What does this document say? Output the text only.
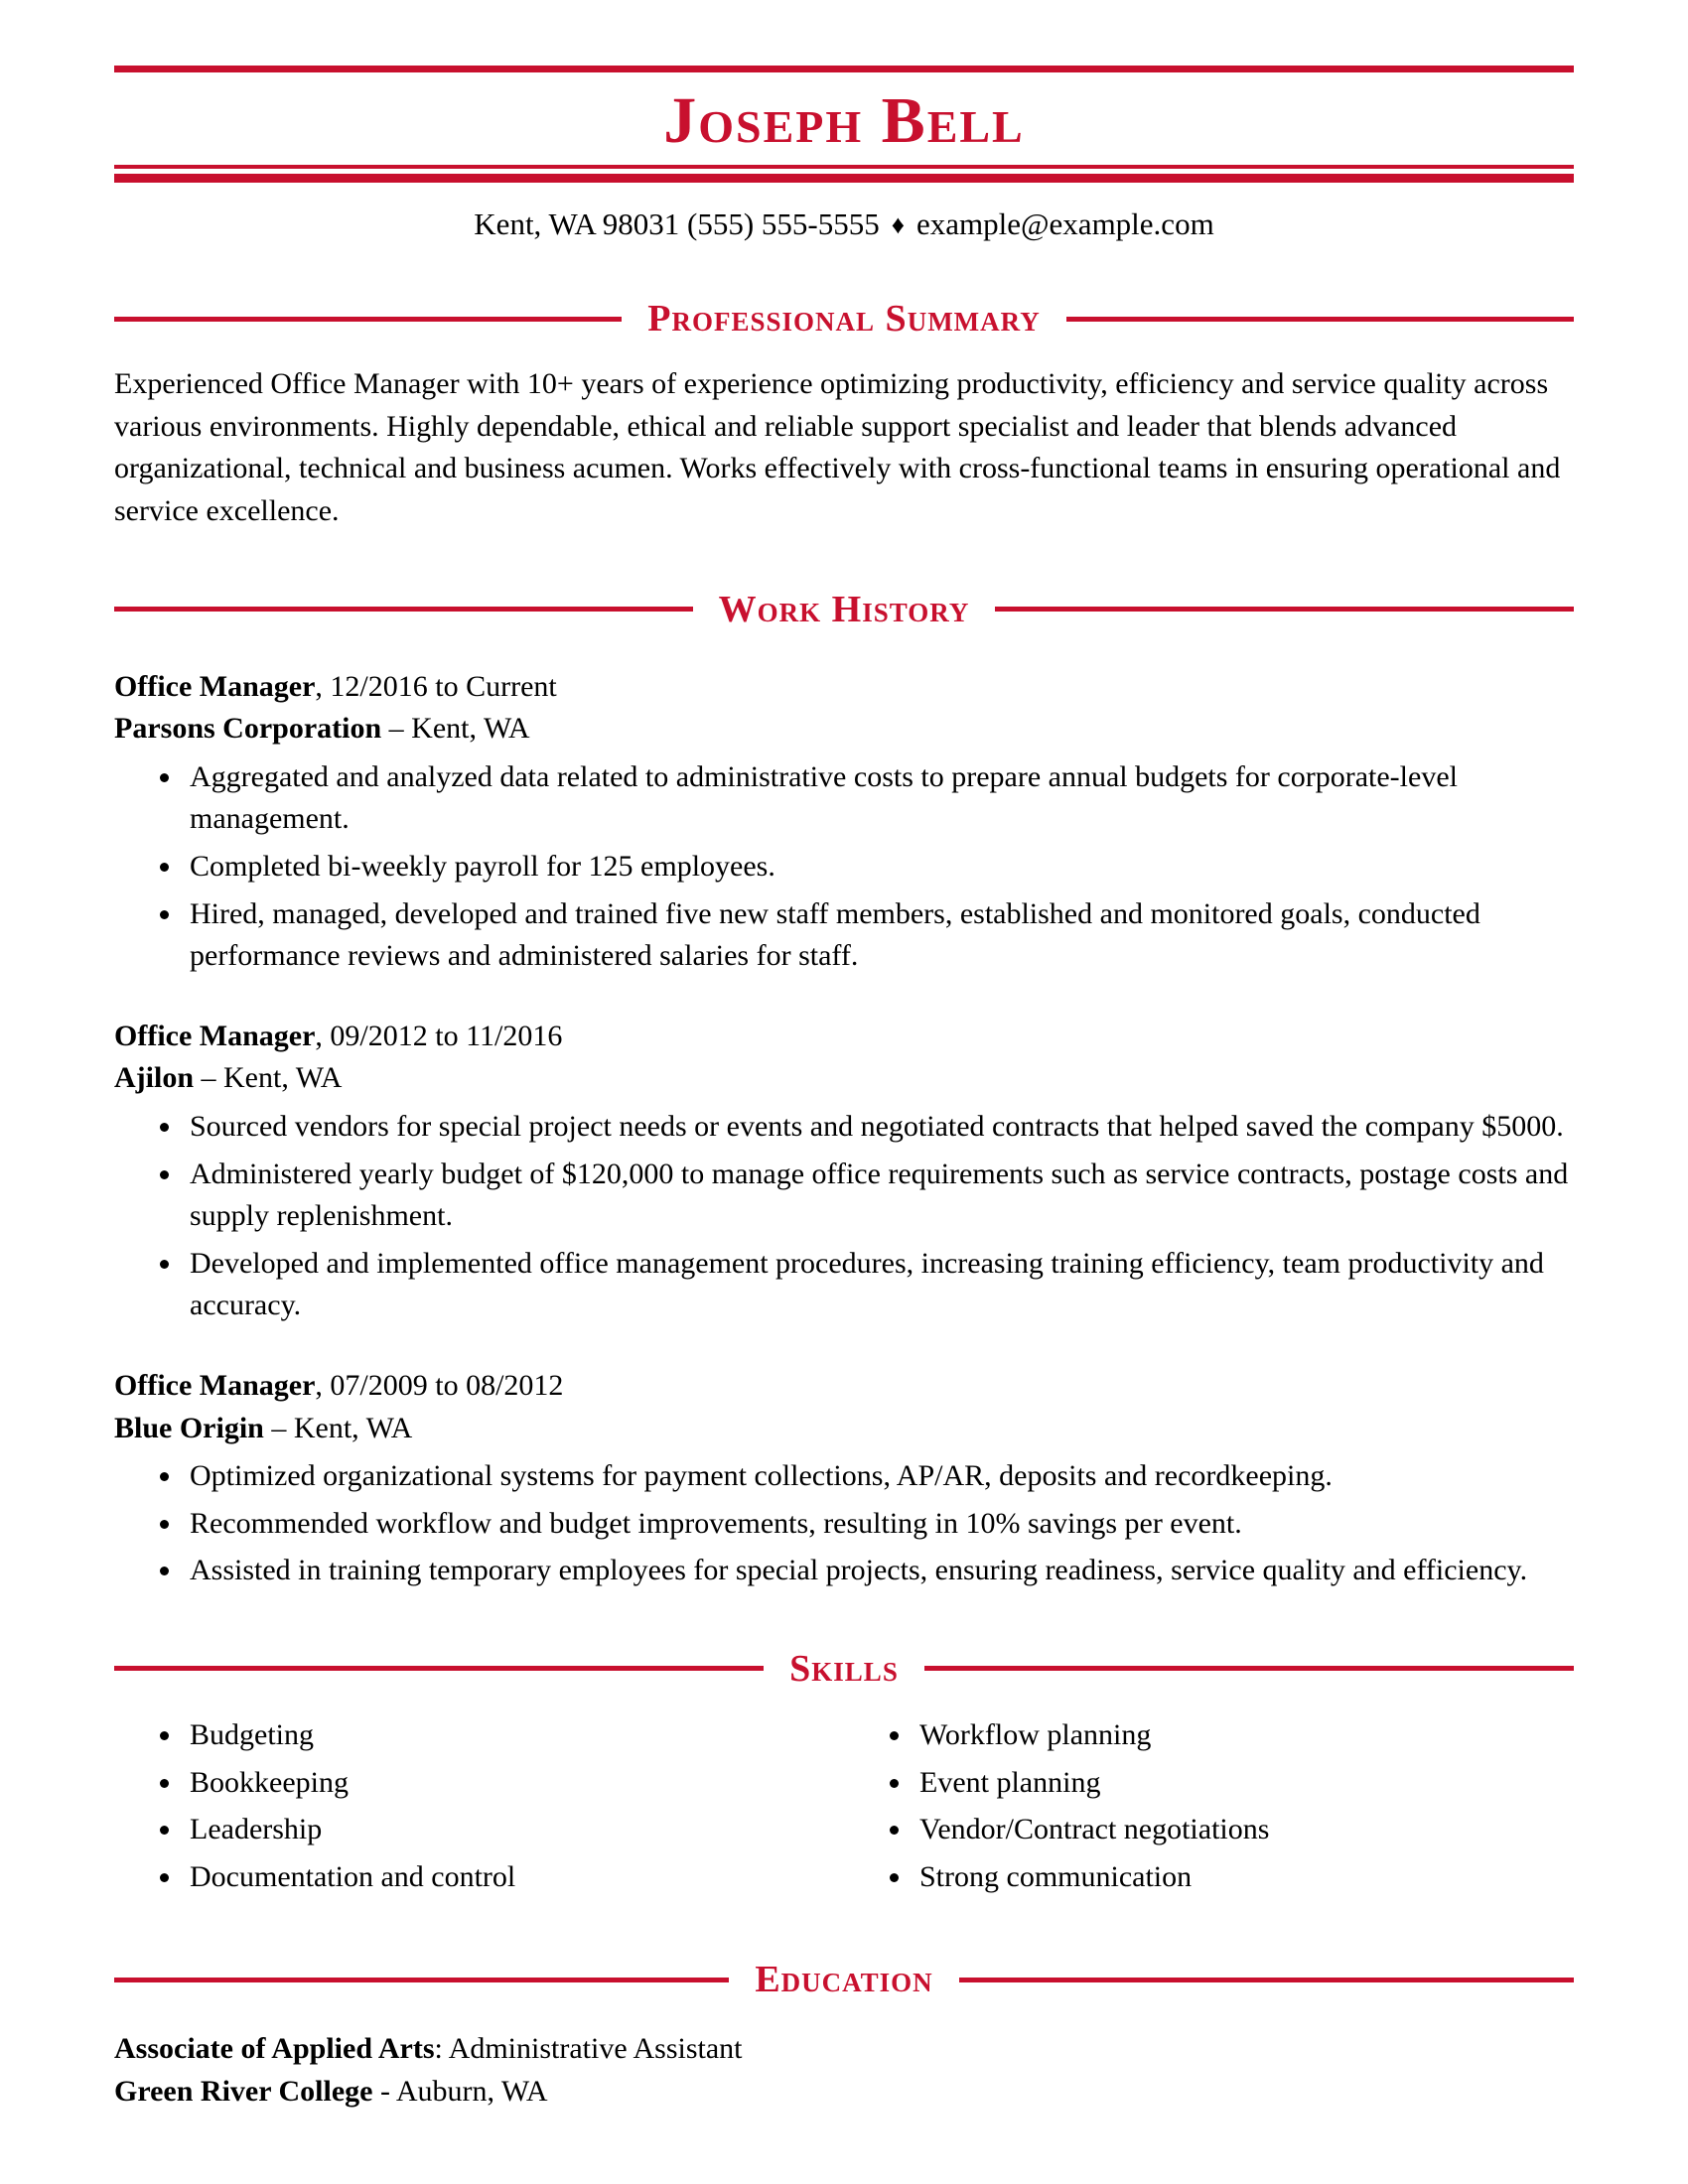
Joseph Bell

Kent, WA 98031 (555) 555-5555 ♦ example@example.com

Professional Summary

Experienced Office Manager with 10+ years of experience optimizing productivity, efficiency and service quality across various environments. Highly dependable, ethical and reliable support specialist and leader that blends advanced organizational, technical and business acumen. Works effectively with cross-functional teams in ensuring operational and service excellence.

Work History

Office Manager, 12/2016 to Current

Parsons Corporation – Kent, WA

• Aggregated and analyzed data related to administrative costs to prepare annual budgets for corporate-level management.
• Completed bi-weekly payroll for 125 employees.
• Hired, managed, developed and trained five new staff members, established and monitored goals, conducted performance reviews and administered salaries for staff.

Office Manager, 09/2012 to 11/2016

Ajilon – Kent, WA

• Sourced vendors for special project needs or events and negotiated contracts that helped saved the company $5000.
• Administered yearly budget of $120,000 to manage office requirements such as service contracts, postage costs and supply replenishment.
• Developed and implemented office management procedures, increasing training efficiency, team productivity and accuracy.

Office Manager, 07/2009 to 08/2012

Blue Origin – Kent, WA

• Optimized organizational systems for payment collections, AP/AR, deposits and recordkeeping.
• Recommended workflow and budget improvements, resulting in 10% savings per event.
• Assisted in training temporary employees for special projects, ensuring readiness, service quality and efficiency.
Skills
• Budgeting
• Bookkeeping
• Leadership
• Documentation and control
• Workflow planning
• Event planning
• Vendor/Contract negotiations
• Strong communication
Education

Associate of Applied Arts: Administrative Assistant

Green River College - Auburn, WA
